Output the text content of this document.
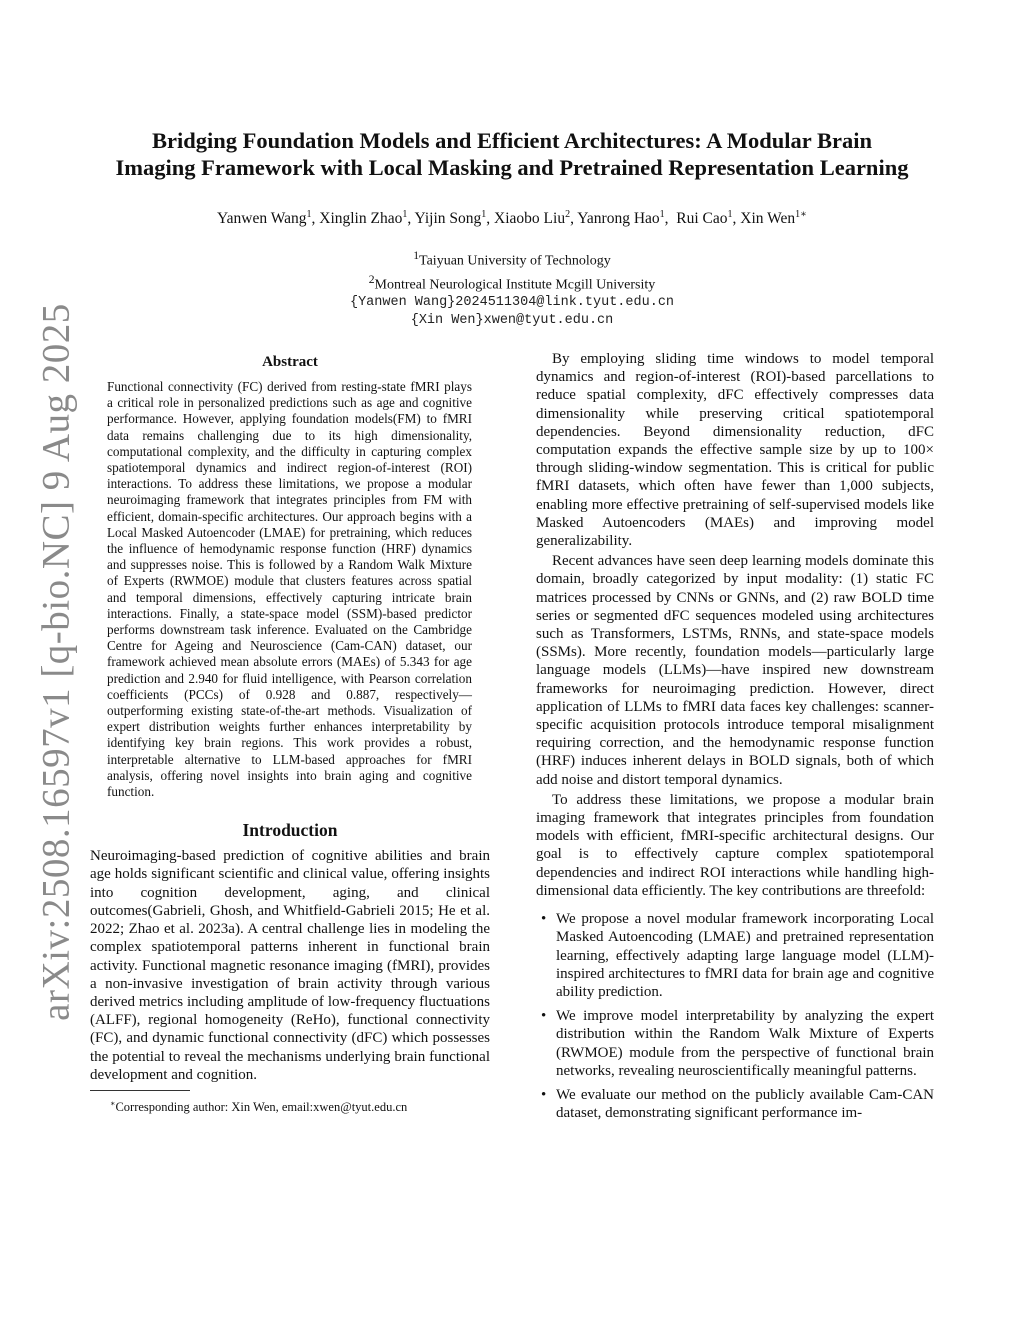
arXiv:2508.16597v1 [q-bio.NC] 9 Aug 2025
Bridging Foundation Models and Efficient Architectures: A Modular Brain
Imaging Framework with Local Masking and Pretrained Representation Learning
Yanwen Wang$^1$, Xinglin Zhao$^1$, Yijin Song$^1$, Xiaobo Liu$^2$, Yanrong Hao$^1$,  Rui Cao$^1$, Xin Wen$^{1∗}$
$^1$Taiyuan University of Technology
$^2$Montreal Neurological Institute Mcgill University
{Yanwen Wang}2024511304@link.tyut.edu.cn
{Xin Wen}xwen@tyut.edu.cn
Abstract

Functional connectivity (FC) derived from resting-state fMRI plays a critical role in personalized predictions such as age and cognitive performance. However, applying foundation models(FM) to fMRI data remains challenging due to its high dimensionality, computational complexity, and the difficulty in capturing complex spatiotemporal dynamics and indirect region-of-interest (ROI) interactions. To address these limitations, we propose a modular neuroimaging framework that integrates principles from FM with efficient, domain-specific architectures. Our approach begins with a Local Masked Autoencoder (LMAE) for pretraining, which reduces the influence of hemodynamic response function (HRF) dynamics and suppresses noise. This is followed by a Random Walk Mixture of Experts (RWMOE) module that clusters features across spatial and temporal dimensions, effectively capturing intricate brain interactions. Finally, a state-space model (SSM)-based predictor performs downstream task inference. Evaluated on the Cambridge Centre for Ageing and Neuroscience (Cam-CAN) dataset, our framework achieved mean absolute errors (MAEs) of 5.343 for age prediction and 2.940 for fluid intelligence, with Pearson correlation coefficients (PCCs) of 0.928 and 0.887, respectively—outperforming existing state-of-the-art methods. Visualization of expert distribution weights further enhances interpretability by identifying key brain regions. This work provides a robust, interpretable alternative to LLM-based approaches for fMRI analysis, offering novel insights into brain aging and cognitive function.

Introduction

Neuroimaging-based prediction of cognitive abilities and brain age holds significant scientific and clinical value, offering insights into cognition development, aging, and clinical outcomes(Gabrieli, Ghosh, and Whitfield-Gabrieli 2015; He et al. 2022; Zhao et al. 2023a). A central challenge lies in modeling the complex spatiotemporal patterns inherent in functional brain activity. Functional magnetic resonance imaging (fMRI), provides a non-invasive investigation of brain activity through various derived metrics including amplitude of low-frequency fluctuations (ALFF), regional homogeneity (ReHo), functional connectivity (FC), and dynamic functional connectivity (dFC) which possesses the potential to reveal the mechanisms underlying brain functional development and cognition.

∗Corresponding author: Xin Wen, email:xwen@tyut.edu.cn

By employing sliding time windows to model temporal dynamics and region-of-interest (ROI)-based parcellations to reduce spatial complexity, dFC effectively compresses data dimensionality while preserving critical spatiotemporal dependencies. Beyond dimensionality reduction, dFC computation expands the effective sample size by up to 100× through sliding-window segmentation. This is critical for public fMRI datasets, which often have fewer than 1,000 subjects, enabling more effective pretraining of self-supervised models like Masked Autoencoders (MAEs) and improving model generalizability.

Recent advances have seen deep learning models dominate this domain, broadly categorized by input modality: (1) static FC matrices processed by CNNs or GNNs, and (2) raw BOLD time series or segmented dFC sequences modeled using architectures such as Transformers, LSTMs, RNNs, and state-space models (SSMs). More recently, foundation models—particularly large language models (LLMs)—have inspired new downstream frameworks for neuroimaging prediction. However, direct application of LLMs to fMRI data faces key challenges: scanner-specific acquisition protocols introduce temporal misalignment requiring correction, and the hemodynamic response function (HRF) induces inherent delays in BOLD signals, both of which add noise and distort temporal dynamics.

To address these limitations, we propose a modular brain imaging framework that integrates principles from foundation models with efficient, fMRI-specific architectural designs. Our goal is to effectively capture complex spatiotemporal dependencies and indirect ROI interactions while handling high-dimensional data efficiently. The key contributions are threefold:

• We propose a novel modular framework incorporating Local Masked Autoencoding (LMAE) and pretrained representation learning, effectively adapting large language model (LLM)-inspired architectures to fMRI data for brain age and cognitive ability prediction.
• We improve model interpretability by analyzing the expert distribution within the Random Walk Mixture of Experts (RWMOE) module from the perspective of functional brain networks, revealing neuroscientifically meaningful patterns.
• We evaluate our method on the publicly available Cam-CAN dataset, demonstrating significant performance im-
